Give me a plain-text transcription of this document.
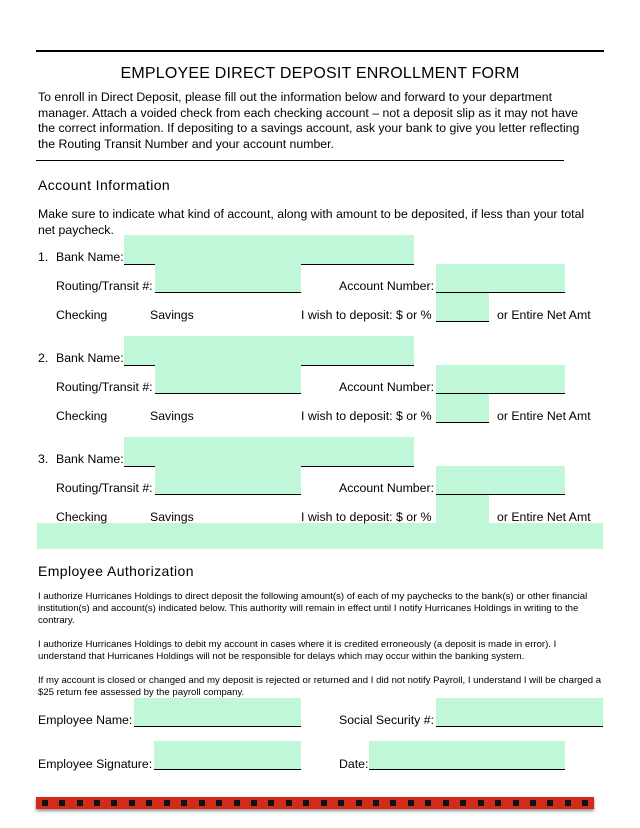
EMPLOYEE DIRECT DEPOSIT ENROLLMENT FORM
To enroll in Direct Deposit, please fill out the information below and forward to your department manager. Attach a voided check from each checking account – not a deposit slip as it may not have the correct information. If depositing to a savings account, ask your bank to give you letter reflecting the Routing Transit Number and your account number.
Account Information
Make sure to indicate what kind of account, along with amount to be deposited, if less than your total net paycheck.
1. Bank Name:
Routing/Transit #:	Account Number:
Checking	Savings	I wish to deposit: $ or %	or Entire Net Amt
2. Bank Name:
Routing/Transit #:	Account Number:
Checking	Savings	I wish to deposit: $ or %	or Entire Net Amt
3. Bank Name:
Routing/Transit #:	Account Number:
Checking	Savings	I wish to deposit: $ or %	or Entire Net Amt
Employee Authorization
I authorize Hurricanes Holdings to direct deposit the following amount(s) of each of my paychecks to the bank(s) or other financial institution(s) and account(s) indicated below. This authority will remain in effect until I notify Hurricanes Holdings in writing to the contrary.
I authorize Hurricanes Holdings to debit my account in cases where it is credited erroneously (a deposit is made in error). I understand that Hurricanes Holdings will not be responsible for delays which may occur within the banking system.
If my account is closed or changed and my deposit is rejected or returned and I did not notify Payroll, I understand I will be charged a $25 return fee assessed by the payroll company.
Employee Name:	Social Security #:
Employee Signature:	Date:
